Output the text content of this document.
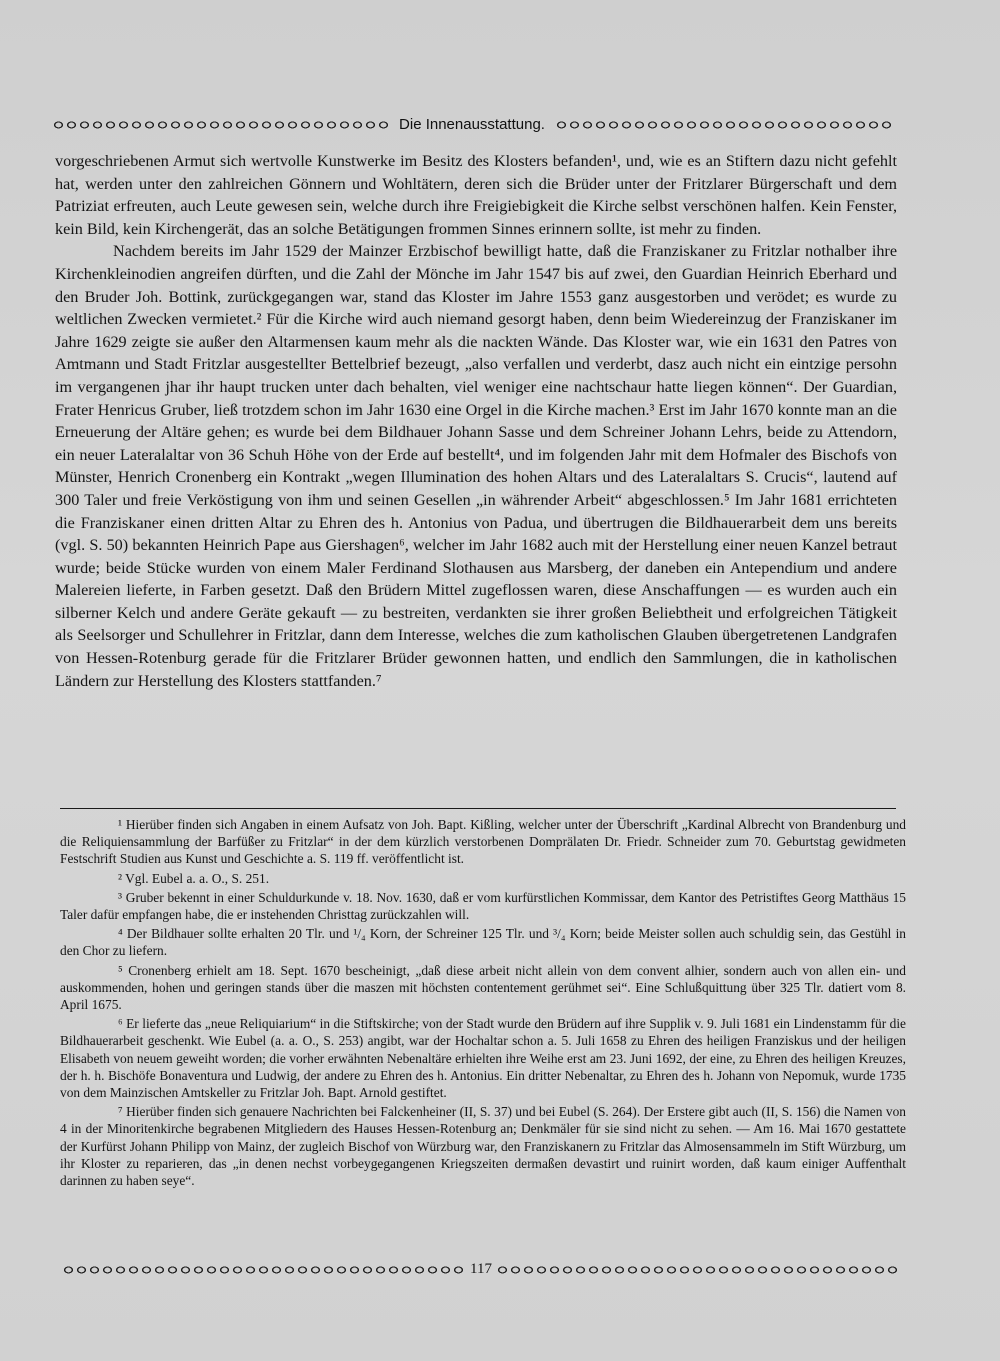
Die Innenausstattung.

vorgeschriebenen Armut sich wertvolle Kunstwerke im Besitz des Klosters befanden¹, und, wie es an Stiftern dazu nicht gefehlt hat, werden unter den zahlreichen Gönnern und Wohltätern, deren sich die Brüder unter der Fritzlarer Bürgerschaft und dem Patriziat erfreuten, auch Leute gewesen sein, welche durch ihre Freigiebigkeit die Kirche selbst verschönen halfen. Kein Fenster, kein Bild, kein Kirchengerät, das an solche Betätigungen frommen Sinnes erinnern sollte, ist mehr zu finden.

Nachdem bereits im Jahr 1529 der Mainzer Erzbischof bewilligt hatte, daß die Franziskaner zu Fritzlar nothalber ihre Kirchenkleinodien angreifen dürften, und die Zahl der Mönche im Jahr 1547 bis auf zwei, den Guardian Heinrich Eberhard und den Bruder Joh. Bottink, zurückgegangen war, stand das Kloster im Jahre 1553 ganz ausgestorben und verödet; es wurde zu weltlichen Zwecken vermietet.² Für die Kirche wird auch niemand gesorgt haben, denn beim Wiedereinzug der Franziskaner im Jahre 1629 zeigte sie außer den Altarmensen kaum mehr als die nackten Wände. Das Kloster war, wie ein 1631 den Patres von Amtmann und Stadt Fritzlar ausgestellter Bettelbrief bezeugt, „also verfallen und verderbt, dasz auch nicht ein eintzige persohn im vergangenen jhar ihr haupt trucken unter dach behalten, viel weniger eine nachtschaur hatte liegen können“. Der Guardian, Frater Henricus Gruber, ließ trotzdem schon im Jahr 1630 eine Orgel in die Kirche machen.³ Erst im Jahr 1670 konnte man an die Erneuerung der Altäre gehen; es wurde bei dem Bildhauer Johann Sasse und dem Schreiner Johann Lehrs, beide zu Attendorn, ein neuer Lateralaltar von 36 Schuh Höhe von der Erde auf bestellt⁴, und im folgenden Jahr mit dem Hofmaler des Bischofs von Münster, Henrich Cronenberg ein Kontrakt „wegen Illumination des hohen Altars und des Lateralaltars S. Crucis“, lautend auf 300 Taler und freie Verköstigung von ihm und seinen Gesellen „in währender Arbeit“ abgeschlossen.⁵ Im Jahr 1681 errichteten die Franziskaner einen dritten Altar zu Ehren des h. Antonius von Padua, und übertrugen die Bildhauerarbeit dem uns bereits (vgl. S. 50) bekannten Heinrich Pape aus Giershagen⁶, welcher im Jahr 1682 auch mit der Herstellung einer neuen Kanzel betraut wurde; beide Stücke wurden von einem Maler Ferdinand Slothausen aus Marsberg, der daneben ein Antependium und andere Malereien lieferte, in Farben gesetzt. Daß den Brüdern Mittel zugeflossen waren, diese Anschaffungen — es wurden auch ein silberner Kelch und andere Geräte gekauft — zu bestreiten, verdankten sie ihrer großen Beliebtheit und erfolgreichen Tätigkeit als Seelsorger und Schullehrer in Fritzlar, dann dem Interesse, welches die zum katholischen Glauben übergetretenen Landgrafen von Hessen-Rotenburg gerade für die Fritzlarer Brüder gewonnen hatten, und endlich den Sammlungen, die in katholischen Ländern zur Herstellung des Klosters stattfanden.⁷

¹ Hierüber finden sich Angaben in einem Aufsatz von Joh. Bapt. Kißling, welcher unter der Überschrift „Kardinal Albrecht von Brandenburg und die Reliquiensammlung der Barfüßer zu Fritzlar“ in der dem kürzlich verstorbenen Domprälaten Dr. Friedr. Schneider zum 70. Geburtstag gewidmeten Festschrift Studien aus Kunst und Geschichte a. S. 119 ff. veröffentlicht ist.

² Vgl. Eubel a. a. O., S. 251.

³ Gruber bekennt in einer Schuldurkunde v. 18. Nov. 1630, daß er vom kurfürstlichen Kommissar, dem Kantor des Petristiftes Georg Matthäus 15 Taler dafür empfangen habe, die er instehenden Christtag zurückzahlen will.

⁴ Der Bildhauer sollte erhalten 20 Tlr. und ¹/₄ Korn, der Schreiner 125 Tlr. und ³/₄ Korn; beide Meister sollen auch schuldig sein, das Gestühl in den Chor zu liefern.

⁵ Cronenberg erhielt am 18. Sept. 1670 bescheinigt, „daß diese arbeit nicht allein von dem convent alhier, sondern auch von allen ein- und auskommenden, hohen und geringen stands über die maszen mit höchsten contentement gerühmet sei“. Eine Schlußquittung über 325 Tlr. datiert vom 8. April 1675.

⁶ Er lieferte das „neue Reliquiarium“ in die Stiftskirche; von der Stadt wurde den Brüdern auf ihre Supplik v. 9. Juli 1681 ein Lindenstamm für die Bildhauerarbeit geschenkt. Wie Eubel (a. a. O., S. 253) angibt, war der Hochaltar schon a. 5. Juli 1658 zu Ehren des heiligen Franziskus und der heiligen Elisabeth von neuem geweiht worden; die vorher erwähnten Nebenaltäre erhielten ihre Weihe erst am 23. Juni 1692, der eine, zu Ehren des heiligen Kreuzes, der h. h. Bischöfe Bonaventura und Ludwig, der andere zu Ehren des h. Antonius. Ein dritter Nebenaltar, zu Ehren des h. Johann von Nepomuk, wurde 1735 von dem Mainzischen Amtskeller zu Fritzlar Joh. Bapt. Arnold gestiftet.

⁷ Hierüber finden sich genauere Nachrichten bei Falckenheiner (II, S. 37) und bei Eubel (S. 264). Der Erstere gibt auch (II, S. 156) die Namen von 4 in der Minoritenkirche begrabenen Mitgliedern des Hauses Hessen-Rotenburg an; Denkmäler für sie sind nicht zu sehen. — Am 16. Mai 1670 gestattete der Kurfürst Johann Philipp von Mainz, der zugleich Bischof von Würzburg war, den Franziskanern zu Fritzlar das Almosensammeln im Stift Würzburg, um ihr Kloster zu reparieren, das „in denen nechst vorbeygegangenen Kriegszeiten dermaßen devastirt und ruinirt worden, daß kaum einiger Auffenthalt darinnen zu haben seye“.

117
